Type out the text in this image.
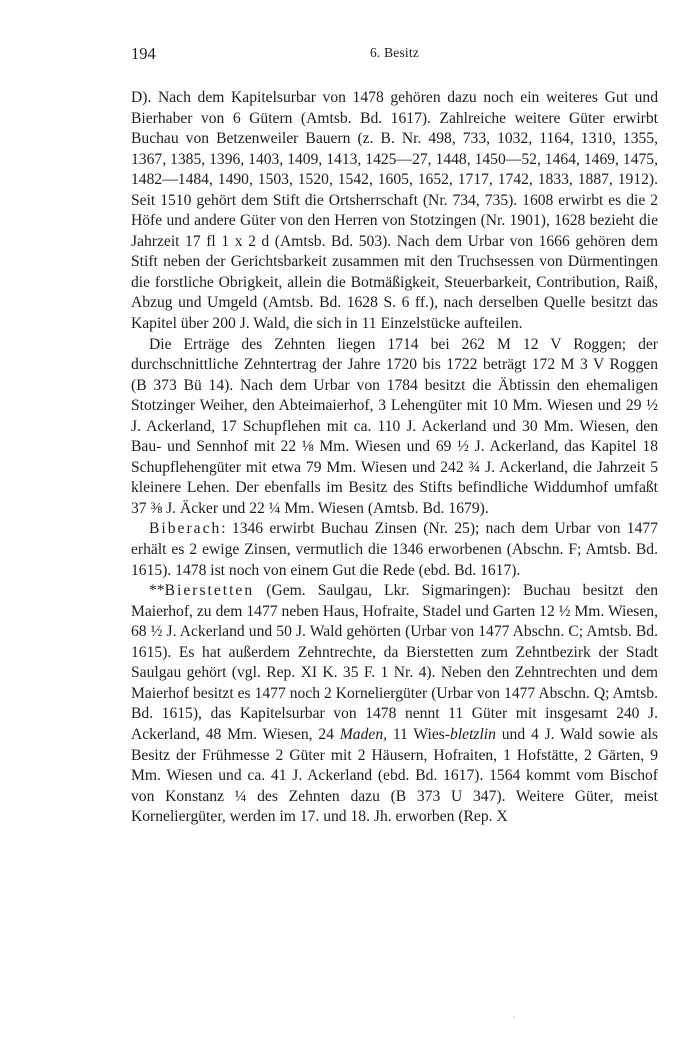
194	6. Besitz

D). Nach dem Kapitelsurbar von 1478 gehören dazu noch ein weiteres Gut und Bierhaber von 6 Gütern (Amtsb. Bd. 1617). Zahlreiche weitere Güter erwirbt Buchau von Betzenweiler Bauern (z. B. Nr. 498, 733, 1032, 1164, 1310, 1355, 1367, 1385, 1396, 1403, 1409, 1413, 1425—27, 1448, 1450—52, 1464, 1469, 1475, 1482—1484, 1490, 1503, 1520, 1542, 1605, 1652, 1717, 1742, 1833, 1887, 1912). Seit 1510 gehört dem Stift die Ortsherrschaft (Nr. 734, 735). 1608 erwirbt es die 2 Höfe und andere Güter von den Herren von Stotzingen (Nr. 1901), 1628 bezieht die Jahrzeit 17 fl 1 x 2 d (Amtsb. Bd. 503). Nach dem Urbar von 1666 gehören dem Stift neben der Gerichtsbarkeit zusammen mit den Truchsessen von Dürmentingen die forstliche Obrigkeit, allein die Botmäßigkeit, Steuerbarkeit, Contribution, Raiß, Abzug und Umgeld (Amtsb. Bd. 1628 S. 6 ff.), nach derselben Quelle besitzt das Kapitel über 200 J. Wald, die sich in 11 Einzelstücke aufteilen.

Die Erträge des Zehnten liegen 1714 bei 262 M 12 V Roggen; der durchschnittliche Zehntertrag der Jahre 1720 bis 1722 beträgt 172 M 3 V Roggen (B 373 Bü 14). Nach dem Urbar von 1784 besitzt die Äbtissin den ehemaligen Stotzinger Weiher, den Abteimaierhof, 3 Lehengüter mit 10 Mm. Wiesen und 29 ½ J. Ackerland, 17 Schupflehen mit ca. 110 J. Ackerland und 30 Mm. Wiesen, den Bau- und Sennhof mit 22 ⅛ Mm. Wiesen und 69 ½ J. Ackerland, das Kapitel 18 Schupflehengüter mit etwa 79 Mm. Wiesen und 242 ¾ J. Ackerland, die Jahrzeit 5 kleinere Lehen. Der ebenfalls im Besitz des Stifts befindliche Widdumhof umfaßt 37 ⅜ J. Äcker und 22 ¼ Mm. Wiesen (Amtsb. Bd. 1679).

Biberach: 1346 erwirbt Buchau Zinsen (Nr. 25); nach dem Urbar von 1477 erhält es 2 ewige Zinsen, vermutlich die 1346 erworbenen (Abschn. F; Amtsb. Bd. 1615). 1478 ist noch von einem Gut die Rede (ebd. Bd. 1617).

**Bierstetten (Gem. Saulgau, Lkr. Sigmaringen): Buchau besitzt den Maierhof, zu dem 1477 neben Haus, Hofraite, Stadel und Garten 12 ½ Mm. Wiesen, 68 ½ J. Ackerland und 50 J. Wald gehörten (Urbar von 1477 Abschn. C; Amtsb. Bd. 1615). Es hat außerdem Zehntrechte, da Bierstetten zum Zehntbezirk der Stadt Saulgau gehört (vgl. Rep. XI K. 35 F. 1 Nr. 4). Neben den Zehntrechten und dem Maierhof besitzt es 1477 noch 2 Korneliergüter (Urbar von 1477 Abschn. Q; Amtsb. Bd. 1615), das Kapitelsurbar von 1478 nennt 11 Güter mit insgesamt 240 J. Ackerland, 48 Mm. Wiesen, 24 Maden, 11 Wies-bletzlin und 4 J. Wald sowie als Besitz der Frühmesse 2 Güter mit 2 Häusern, Hofraiten, 1 Hofstätte, 2 Gärten, 9 Mm. Wiesen und ca. 41 J. Ackerland (ebd. Bd. 1617). 1564 kommt vom Bischof von Konstanz ¼ des Zehnten dazu (B 373 U 347). Weitere Güter, meist Korneliergüter, werden im 17. und 18. Jh. erworben (Rep. X
